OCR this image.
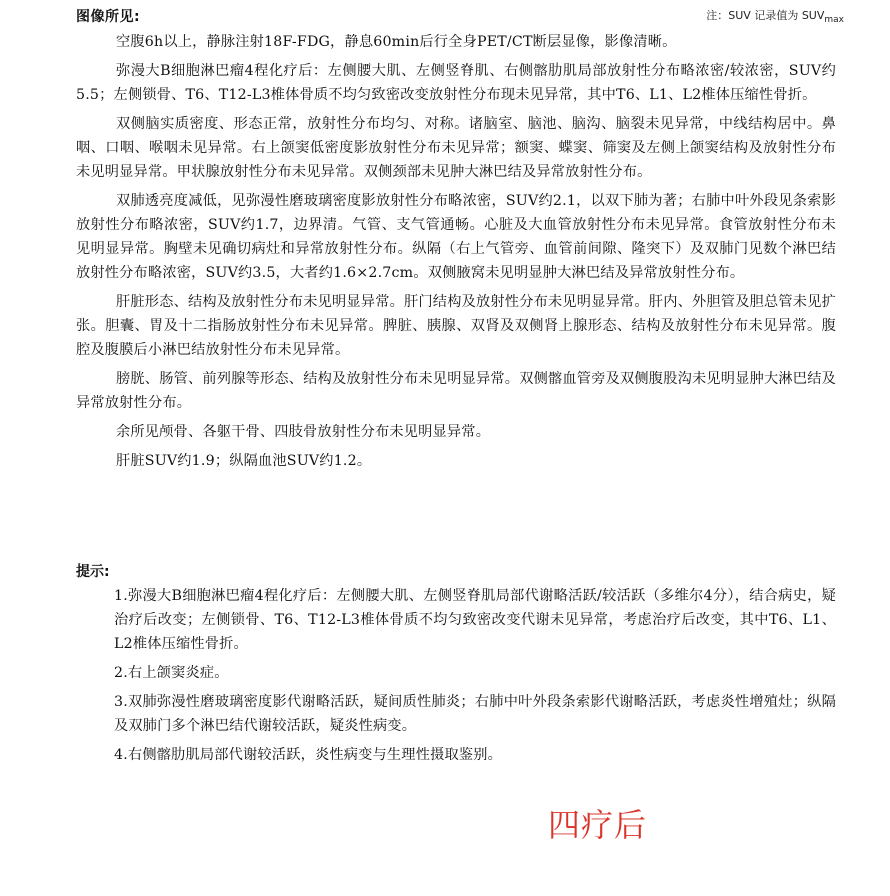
图像所见:	注：SUV 记录值为 $SUV_{max}$

空腹6h以上，静脉注射18F-FDG，静息60min后行全身PET/CT断层显像，影像清晰。

弥漫大B细胞淋巴瘤4程化疗后：左侧腰大肌、左侧竖脊肌、右侧髂肋肌局部放射性分布略浓密/较浓密，SUV约5.5；左侧锁骨、T6、T12-L3椎体骨质不均匀致密改变放射性分布现未见异常，其中T6、L1、L2椎体压缩性骨折。

双侧脑实质密度、形态正常，放射性分布均匀、对称。诸脑室、脑池、脑沟、脑裂未见异常，中线结构居中。鼻咽、口咽、喉咽未见异常。右上颌窦低密度影放射性分布未见异常；额窦、蝶窦、筛窦及左侧上颌窦结构及放射性分布未见明显异常。甲状腺放射性分布未见异常。双侧颈部未见肿大淋巴结及异常放射性分布。

双肺透亮度减低，见弥漫性磨玻璃密度影放射性分布略浓密，SUV约2.1，以双下肺为著；右肺中叶外段见条索影放射性分布略浓密，SUV约1.7，边界清。气管、支气管通畅。心脏及大血管放射性分布未见异常。食管放射性分布未见明显异常。胸壁未见确切病灶和异常放射性分布。纵隔（右上气管旁、血管前间隙、隆突下）及双肺门见数个淋巴结放射性分布略浓密，SUV约3.5，大者约1.6×2.7cm。双侧腋窝未见明显肿大淋巴结及异常放射性分布。

肝脏形态、结构及放射性分布未见明显异常。肝门结构及放射性分布未见明显异常。肝内、外胆管及胆总管未见扩张。胆囊、胃及十二指肠放射性分布未见异常。脾脏、胰腺、双肾及双侧肾上腺形态、结构及放射性分布未见异常。腹腔及腹膜后小淋巴结放射性分布未见异常。

膀胱、肠管、前列腺等形态、结构及放射性分布未见明显异常。双侧髂血管旁及双侧腹股沟未见明显肿大淋巴结及异常放射性分布。

余所见颅骨、各躯干骨、四肢骨放射性分布未见明显异常。

肝脏SUV约1.9；纵隔血池SUV约1.2。

提示:

1.弥漫大B细胞淋巴瘤4程化疗后：左侧腰大肌、左侧竖脊肌局部代谢略活跃/较活跃（多维尔4分），结合病史，疑治疗后改变；左侧锁骨、T6、T12-L3椎体骨质不均匀致密改变代谢未见异常，考虑治疗后改变，其中T6、L1、L2椎体压缩性骨折。

2.右上颌窦炎症。

3.双肺弥漫性磨玻璃密度影代谢略活跃，疑间质性肺炎；右肺中叶外段条索影代谢略活跃，考虑炎性增殖灶；纵隔及双肺门多个淋巴结代谢较活跃，疑炎性病变。

4.右侧髂肋肌局部代谢较活跃，炎性病变与生理性摄取鉴别。

四疗后
